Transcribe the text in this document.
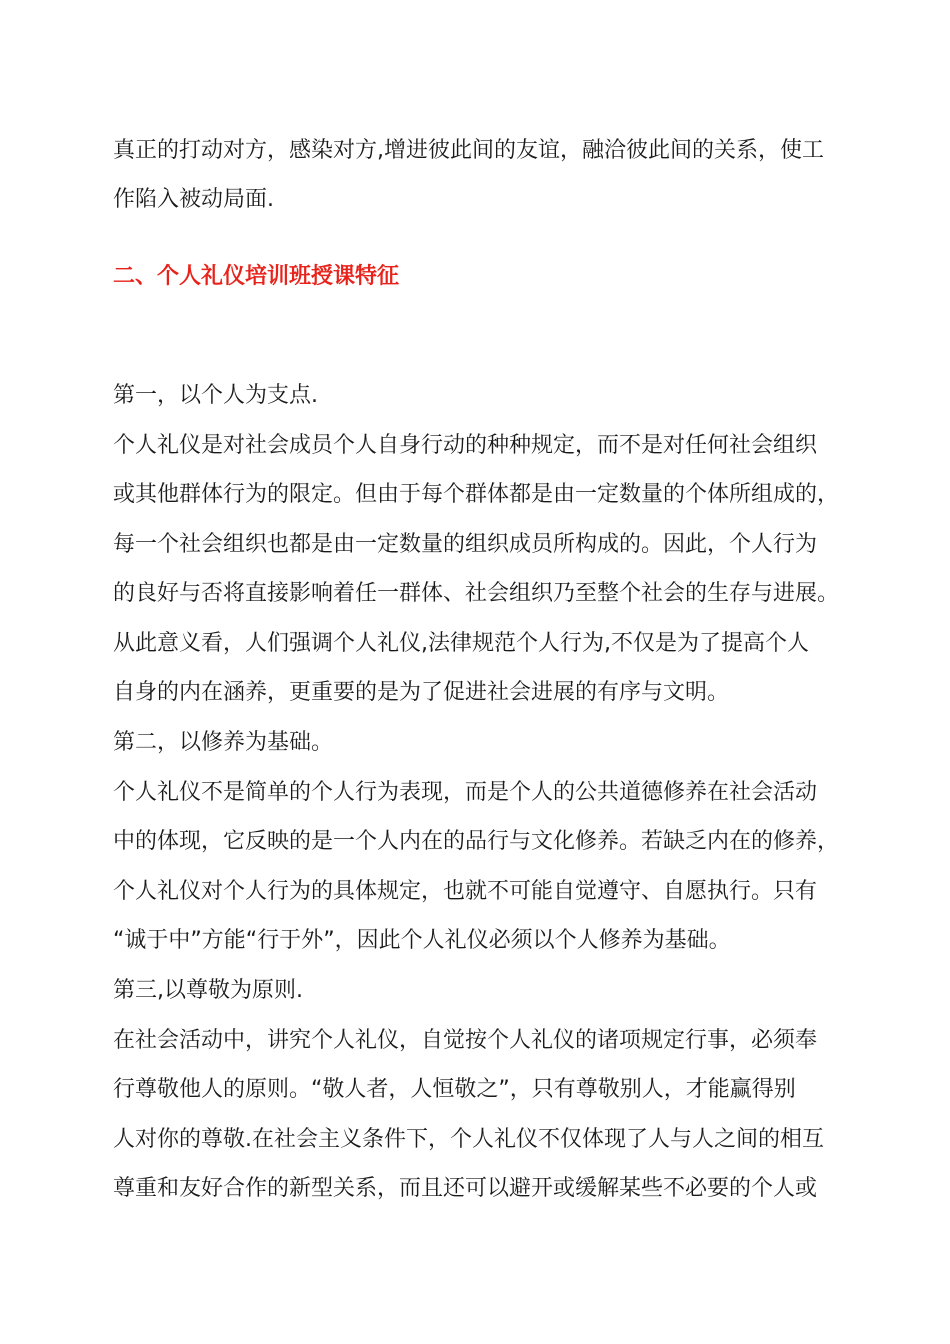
真正的打动对方，感染对方,增进彼此间的友谊，融洽彼此间的关系，使工
作陷入被动局面.
二、个人礼仪培训班授课特征
第一，以个人为支点.
个人礼仪是对社会成员个人自身行动的种种规定，而不是对任何社会组织
或其他群体行为的限定。但由于每个群体都是由一定数量的个体所组成的，
每一个社会组织也都是由一定数量的组织成员所构成的。因此，个人行为
的良好与否将直接影响着任一群体、社会组织乃至整个社会的生存与进展。
从此意义看，人们强调个人礼仪,法律规范个人行为,不仅是为了提高个人
自身的内在涵养，更重要的是为了促进社会进展的有序与文明。
第二，以修养为基础。
个人礼仪不是简单的个人行为表现，而是个人的公共道德修养在社会活动
中的体现，它反映的是一个人内在的品行与文化修养。若缺乏内在的修养，
个人礼仪对个人行为的具体规定，也就不可能自觉遵守、自愿执行。只有
“诚于中”方能“行于外”，因此个人礼仪必须以个人修养为基础。
第三,以尊敬为原则.
在社会活动中，讲究个人礼仪，自觉按个人礼仪的诸项规定行事，必须奉
行尊敬他人的原则。“敬人者，人恒敬之”，只有尊敬别人，才能赢得别
人对你的尊敬.在社会主义条件下，个人礼仪不仅体现了人与人之间的相互
尊重和友好合作的新型关系，而且还可以避开或缓解某些不必要的个人或
